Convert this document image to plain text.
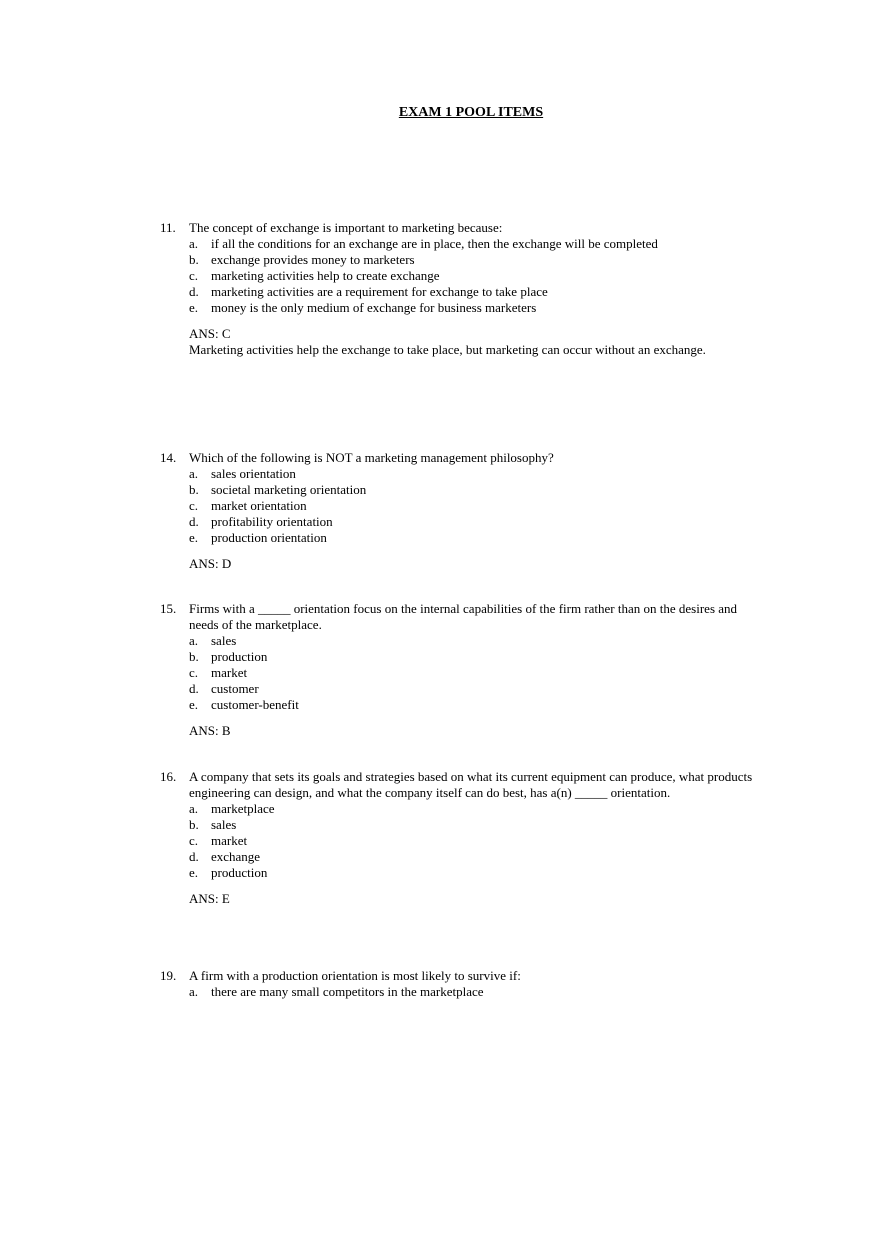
EXAM 1 POOL ITEMS
11. The concept of exchange is important to marketing because:
a. if all the conditions for an exchange are in place, then the exchange will be completed
b. exchange provides money to marketers
c. marketing activities help to create exchange
d. marketing activities are a requirement for exchange to take place
e. money is the only medium of exchange for business marketers
ANS: C
Marketing activities help the exchange to take place, but marketing can occur without an exchange.
14. Which of the following is NOT a marketing management philosophy?
a. sales orientation
b. societal marketing orientation
c. market orientation
d. profitability orientation
e. production orientation
ANS: D
15. Firms with a _____ orientation focus on the internal capabilities of the firm rather than on the desires and needs of the marketplace.
a. sales
b. production
c. market
d. customer
e. customer-benefit
ANS: B
16. A company that sets its goals and strategies based on what its current equipment can produce, what products engineering can design, and what the company itself can do best, has a(n) _____ orientation.
a. marketplace
b. sales
c. market
d. exchange
e. production
ANS: E
19. A firm with a production orientation is most likely to survive if:
a. there are many small competitors in the marketplace
